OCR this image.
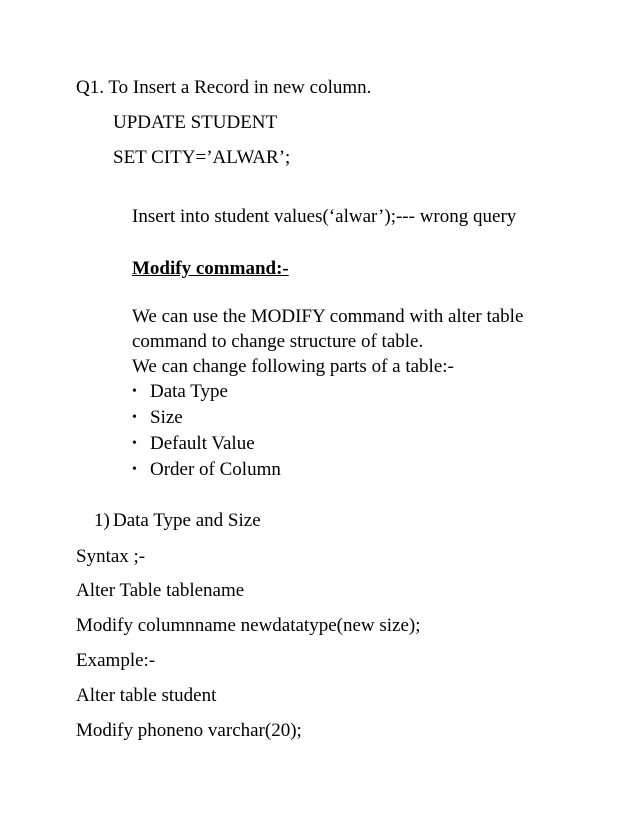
Q1. To Insert a Record in new column.
UPDATE STUDENT
SET CITY=’ALWAR’;
Insert into student values(‘alwar’);--- wrong query
Modify command:-
We can use the MODIFY command with alter table
command to change structure of table.
We can change following parts of a table:-
• Data Type
• Size
• Default Value
• Order of Column
1) Data Type and Size
Syntax ;-
Alter Table tablename
Modify columnname newdatatype(new size);
Example:-
Alter table student
Modify phoneno varchar(20);
